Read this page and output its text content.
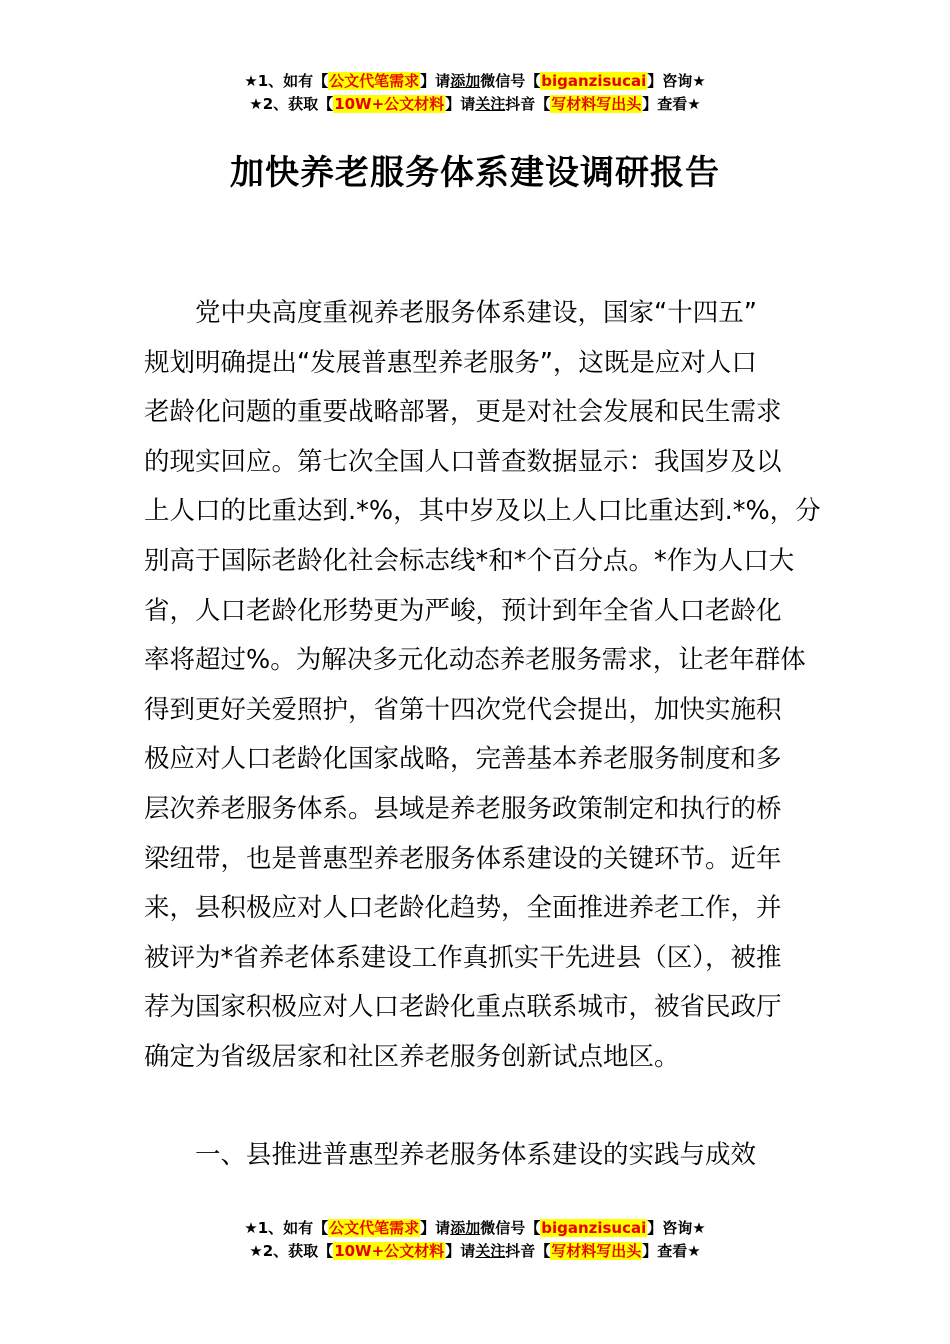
★1、如有【公文代笔需求】请添加微信号【biganzisucai】咨询★
★2、获取【10W+公文材料】请关注抖音【写材料写出头】查看★
加快养老服务体系建设调研报告
党中央高度重视养老服务体系建设，国家“十四五”
规划明确提出“发展普惠型养老服务”，这既是应对人口
老龄化问题的重要战略部署，更是对社会发展和民生需求
的现实回应。第七次全国人口普查数据显示：我国岁及以
上人口的比重达到.*%，其中岁及以上人口比重达到.*%，分
别高于国际老龄化社会标志线*和*个百分点。*作为人口大
省，人口老龄化形势更为严峻，预计到年全省人口老龄化
率将超过%。为解决多元化动态养老服务需求，让老年群体
得到更好关爱照护，省第十四次党代会提出，加快实施积
极应对人口老龄化国家战略，完善基本养老服务制度和多
层次养老服务体系。县域是养老服务政策制定和执行的桥
梁纽带，也是普惠型养老服务体系建设的关键环节。近年
来，县积极应对人口老龄化趋势，全面推进养老工作，并
被评为*省养老体系建设工作真抓实干先进县（区），被推
荐为国家积极应对人口老龄化重点联系城市，被省民政厅
确定为省级居家和社区养老服务创新试点地区。
一、县推进普惠型养老服务体系建设的实践与成效
★1、如有【公文代笔需求】请添加微信号【biganzisucai】咨询★
★2、获取【10W+公文材料】请关注抖音【写材料写出头】查看★
